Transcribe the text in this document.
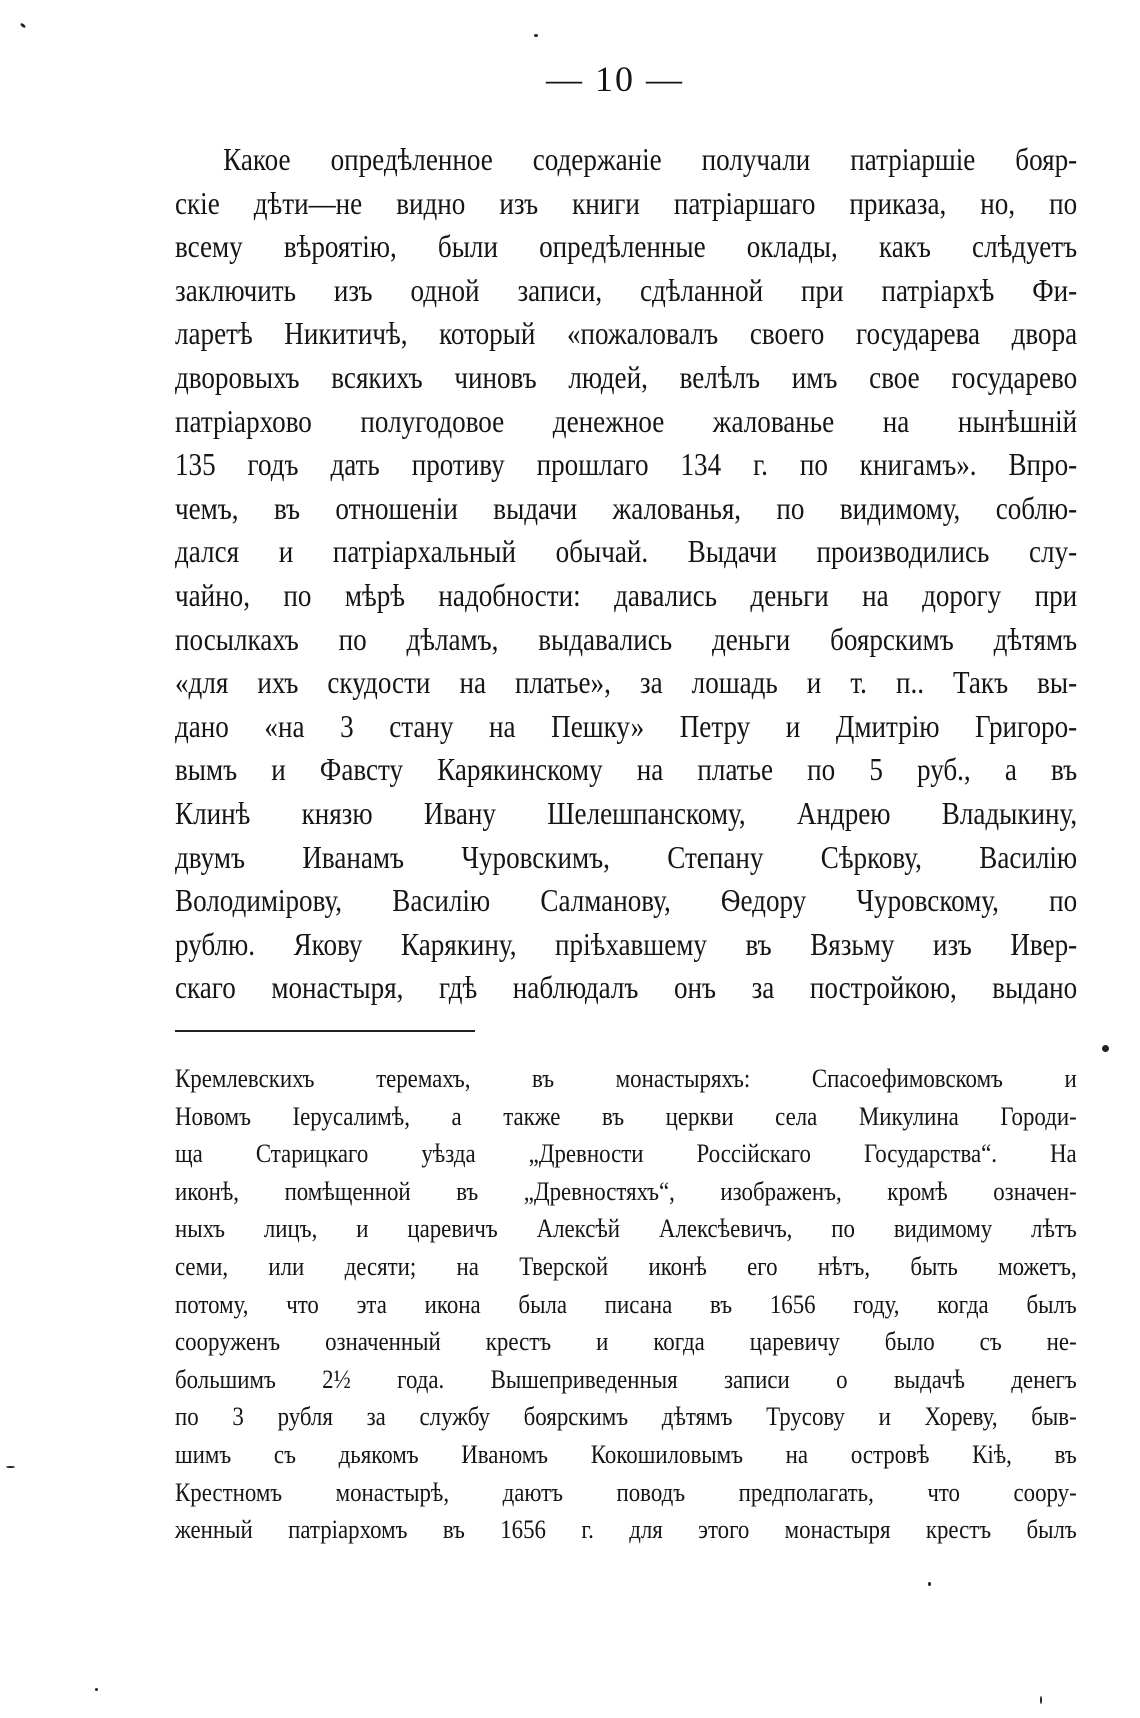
— 10 —
Какое опредѣленное содержаніе получали патріаршіе бояр-
скіе дѣти—не видно изъ книги патріаршаго приказа, но, по
всему вѣроятію, были опредѣленные оклады, какъ слѣдуетъ
заключить изъ одной записи, сдѣланной при патріархѣ Фи-
ларетѣ Никитичѣ, который «пожаловалъ своего государева двора
дворовыхъ всякихъ чиновъ людей, велѣлъ имъ свое государево
патріархово полугодовое денежное жалованье на нынѣшній
135 годъ дать противу прошлаго 134 г. по книгамъ». Впро-
чемъ, въ отношеніи выдачи жалованья, по видимому, соблю-
дался и патріархальный обычай. Выдачи производились слу-
чайно, по мѣрѣ надобности: давались деньги на дорогу при
посылкахъ по дѣламъ, выдавались деньги боярскимъ дѣтямъ
«для ихъ скудости на платье», за лошадь и т. п.. Такъ вы-
дано «на 3 стану на Пешку» Петру и Дмитрію Григоро-
вымъ и Фавсту Карякинскому на платье по 5 руб., а въ
Клинѣ князю Ивану Шелешпанскому, Андрею Владыкину,
двумъ Иванамъ Чуровскимъ, Степану Сѣркову, Василію
Володимірову, Василію Салманову, Ѳедору Чуровскому, по
рублю. Якову Карякину, пріѣхавшему въ Вязьму изъ Ивер-
скаго монастыря, гдѣ наблюдалъ онъ за постройкою, выдано
Кремлевскихъ теремахъ, въ монастыряхъ: Спасоефимовскомъ и
Новомъ Іерусалимѣ, а также въ церкви села Микулина Городи-
ща Старицкаго уѣзда „Древности Россійскаго Государства“. На
иконѣ, помѣщенной въ „Древностяхъ“, изображенъ, кромѣ означен-
ныхъ лицъ, и царевичъ Алексѣй Алексѣевичъ, по видимому лѣтъ
семи, или десяти; на Тверской иконѣ его нѣтъ, быть можетъ,
потому, что эта икона была писана въ 1656 году, когда былъ
сооруженъ означенный крестъ и когда царевичу было съ не-
большимъ 2½ года. Вышеприведенныя записи о выдачѣ денегъ
по 3 рубля за службу боярскимъ дѣтямъ Трусову и Хореву, быв-
шимъ съ дьякомъ Иваномъ Кокошиловымъ на островѣ Кіѣ, въ
Крестномъ монастырѣ, даютъ поводъ предполагать, что соору-
женный патріархомъ въ 1656 г. для этого монастыря крестъ былъ
